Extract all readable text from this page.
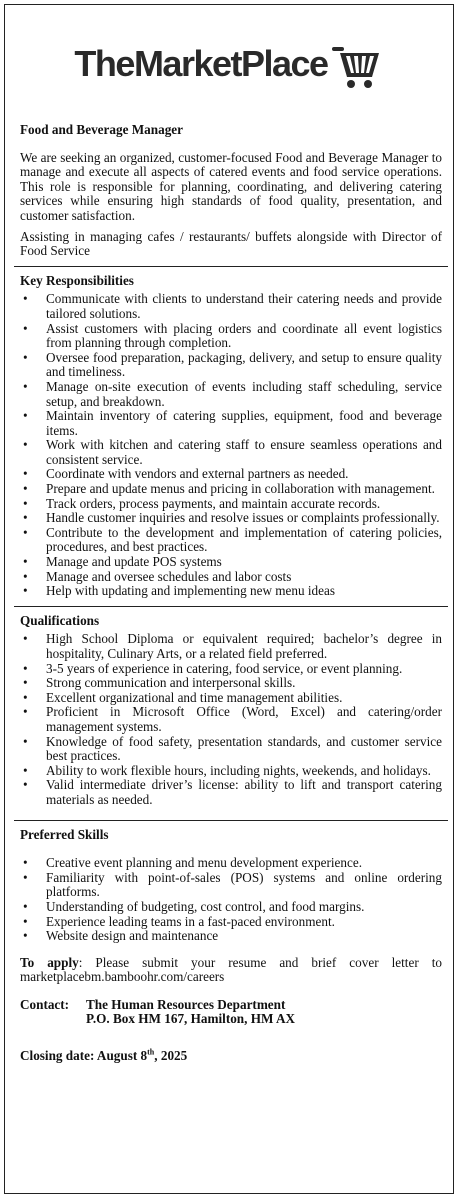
TheMarketPlace
Food and Beverage Manager

We are seeking an organized, customer-focused Food and Beverage Manager to manage and execute all aspects of catered events and food service operations. This role is responsible for planning, coordinating, and delivering catering services while ensuring high standards of food quality, presentation, and customer satisfaction.

Assisting in managing cafes / restaurants/ buffets alongside with Director of Food Service

Key Responsibilities
• Communicate with clients to understand their catering needs and provide tailored solutions.
• Assist customers with placing orders and coordinate all event logistics from planning through completion.
• Oversee food preparation, packaging, delivery, and setup to ensure quality and timeliness.
• Manage on-site execution of events including staff scheduling, service setup, and breakdown.
• Maintain inventory of catering supplies, equipment, food and beverage items.
• Work with kitchen and catering staff to ensure seamless operations and consistent service.
• Coordinate with vendors and external partners as needed.
• Prepare and update menus and pricing in collaboration with management.
• Track orders, process payments, and maintain accurate records.
• Handle customer inquiries and resolve issues or complaints professionally.
• Contribute to the development and implementation of catering policies, procedures, and best practices.
• Manage and update POS systems
• Manage and oversee schedules and labor costs
• Help with updating and implementing new menu ideas
Qualifications
• High School Diploma or equivalent required; bachelor’s degree in hospitality, Culinary Arts, or a related field preferred.
• 3-5 years of experience in catering, food service, or event planning.
• Strong communication and interpersonal skills.
• Excellent organizational and time management abilities.
• Proficient in Microsoft Office (Word, Excel) and catering/order management systems.
• Knowledge of food safety, presentation standards, and customer service best practices.
• Ability to work flexible hours, including nights, weekends, and holidays.
• Valid intermediate driver’s license: ability to lift and transport catering materials as needed.
Preferred Skills
• Creative event planning and menu development experience.
• Familiarity with point-of-sales (POS) systems and online ordering platforms.
• Understanding of budgeting, cost control, and food margins.
• Experience leading teams in a fast-paced environment.
• Website design and maintenance

To apply: Please submit your resume and brief cover letter to marketplacebm.bamboohr.com/careers

Contact:	The Human Resources Department
P.O. Box HM 167, Hamilton, HM AX
Closing date: August 8th, 2025
